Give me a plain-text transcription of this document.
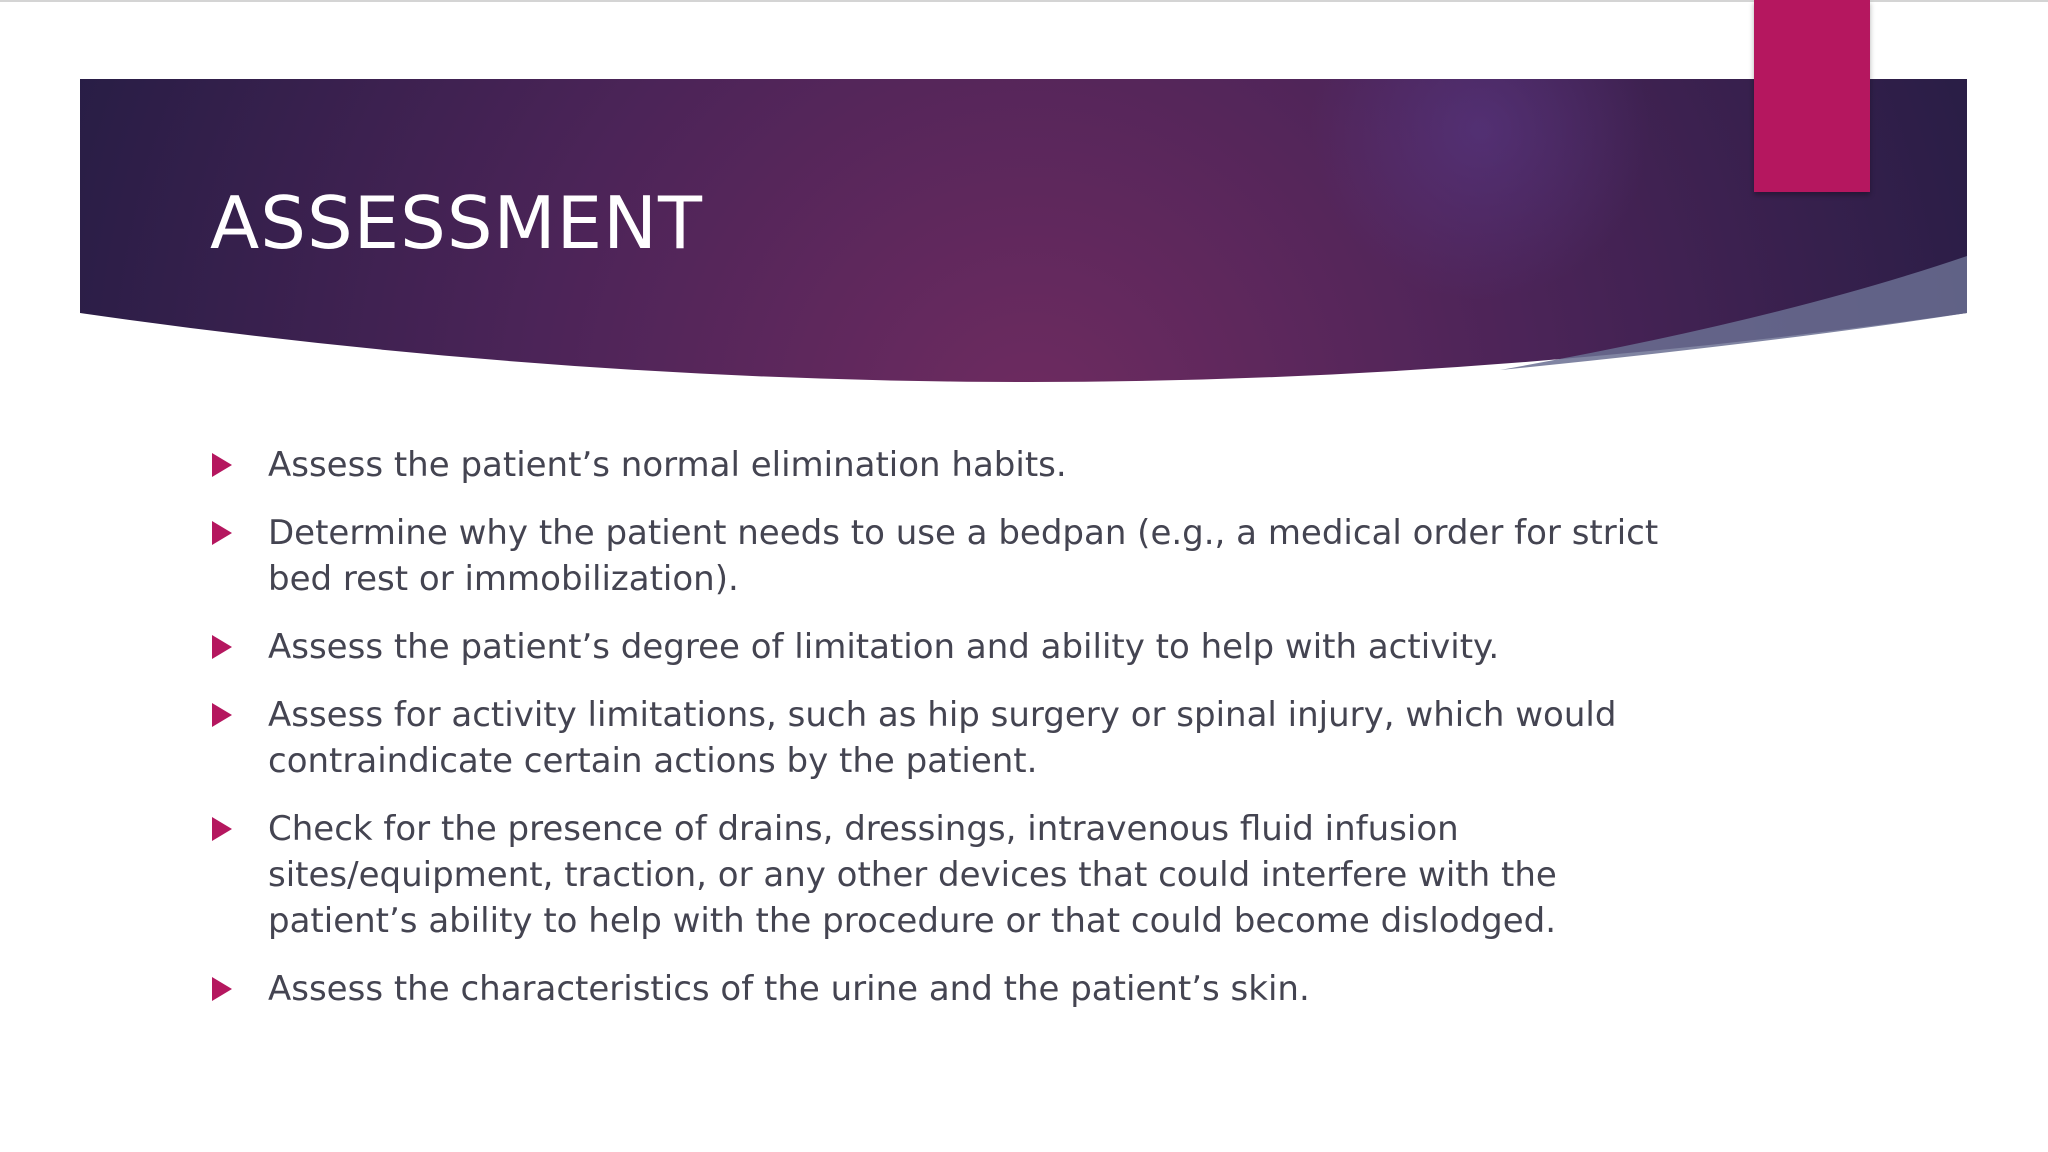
ASSESSMENT
Assess the patient’s normal elimination habits.
Determine why the patient needs to use a bedpan (e.g., a medical order for strict bed rest or immobilization).
Assess the patient’s degree of limitation and ability to help with activity.
Assess for activity limitations, such as hip surgery or spinal injury, which would contraindicate certain actions by the patient.
Check for the presence of drains, dressings, intravenous fluid infusion sites/equipment, traction, or any other devices that could interfere with the patient’s ability to help with the procedure or that could become dislodged.
Assess the characteristics of the urine and the patient’s skin.
